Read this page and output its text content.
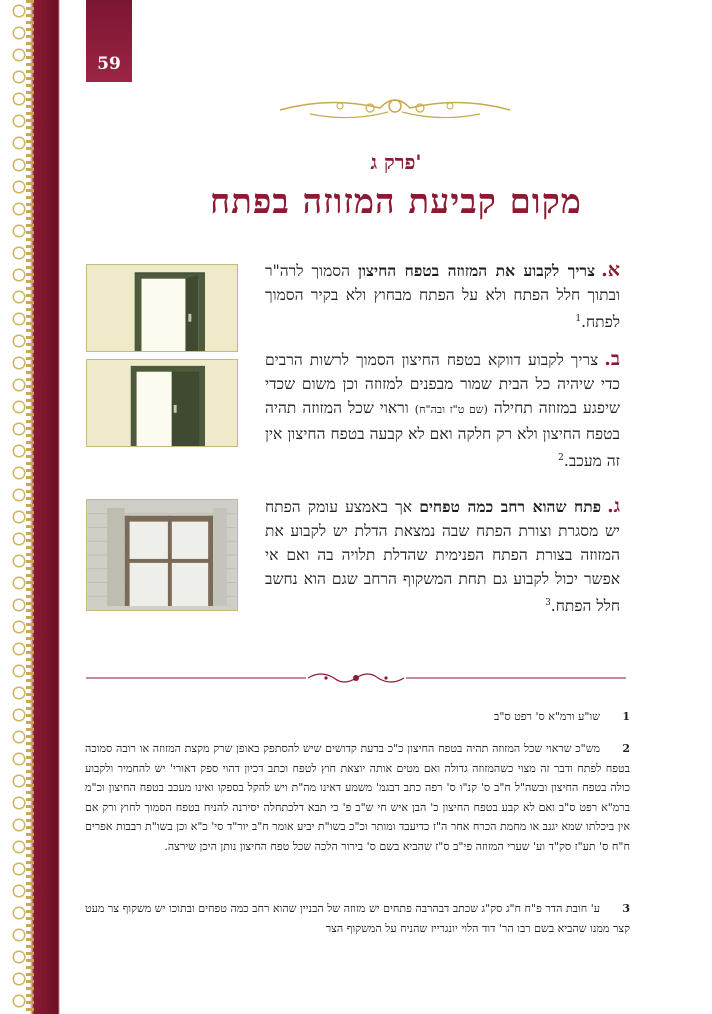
59
פרק ג'
מקום קביעת המזוזה בפתח
א.צריך לקבוע את המזוזה בטפח החיצון הסמוך לרה"ר ובתוך חלל הפתח ולא על הפתח מבחוץ ולא בקיר הסמוך לפתח.$^1$
ב.צריך לקבוע דווקא בטפח החיצון הסמוך לרשות הרבים כדי שיהיה כל הבית שמור מבפנים למזוזה וכן משום שכדי שיפגע במזוזה תחילה (שם ט"ז ובה"ח) וראוי שכל המזוזה תהיה בטפח החיצון ולא רק חלקה ואם לא קבעה בטפח החיצון אין זה מעכב.$^2$
ג.פתח שהוא רחב כמה טפחים אך באמצע עומק הפתח יש מסגרת וצורת הפתח שבה נמצאת הדלת יש לקבוע את המזוזה בצורת הפתח הפנימית שהדלת תלויה בה ואם אי אפשר יכול לקבוע גם תחת המשקוף הרחב שגם הוא נחשב חלל הפתח.$^3$
1שו"ע ורמ"א ס' רפט ס"ב
2מש"כ שראוי שכל המזוזה תהיה בטפח החיצון כ"כ בדעת קדושים שיש להסתפק באופן שרק מקצת המזוזה או רובה סמוכה בטפח לפתח ודבר זה מצוי כשהמזוזה גדולה ואם מטים אותה יוצאת חוץ לטפח וכתב דכיון דהוי ספק דאורי' יש להחמיר ולקבוע כולה בטפח החיצון ובשה"ל ח"ב ס' קנ"ו ס' רפה כתב דבגמ' משמע דאינו מה"ת ויש להקל בספקו ואינו מעכב בטפח החיצון וכ"מ ברמ"א רפט ס"ב ואם לא קבע בטפח החיצון כ' הבן איש חי ש"ב פ' כי תבא דלכתחלה יסירנה להניח בטפח הסמוך לחוץ ורק אם אין ביכלתו שמא יגנב או מחמת הכרח אחר ה"ז כדיעבד ומותר וכ"כ בשו"ת יביע אומר ח"ב יור"ד סי' כ"א וכן בשו"ת רבבות אפרים ח"ח ס' תע"ז סק"ד וע' שערי המזוזה פי"ב ס"ז שהביא בשם ס' בירור הלכה שכל טפח החיצון נותן היכן שירצה.
3ע' חובת הדר פ"ח ח"ג סק"ג שכתב דבהרבה פתחים יש מזוזה של הבניין שהוא רחב כמה טפחים ובתוכו יש משקוף צר מעט קצר ממנו שהביא בשם רבו הר' דוד הלוי יונגרייז שהניח על המשקוף הצר
